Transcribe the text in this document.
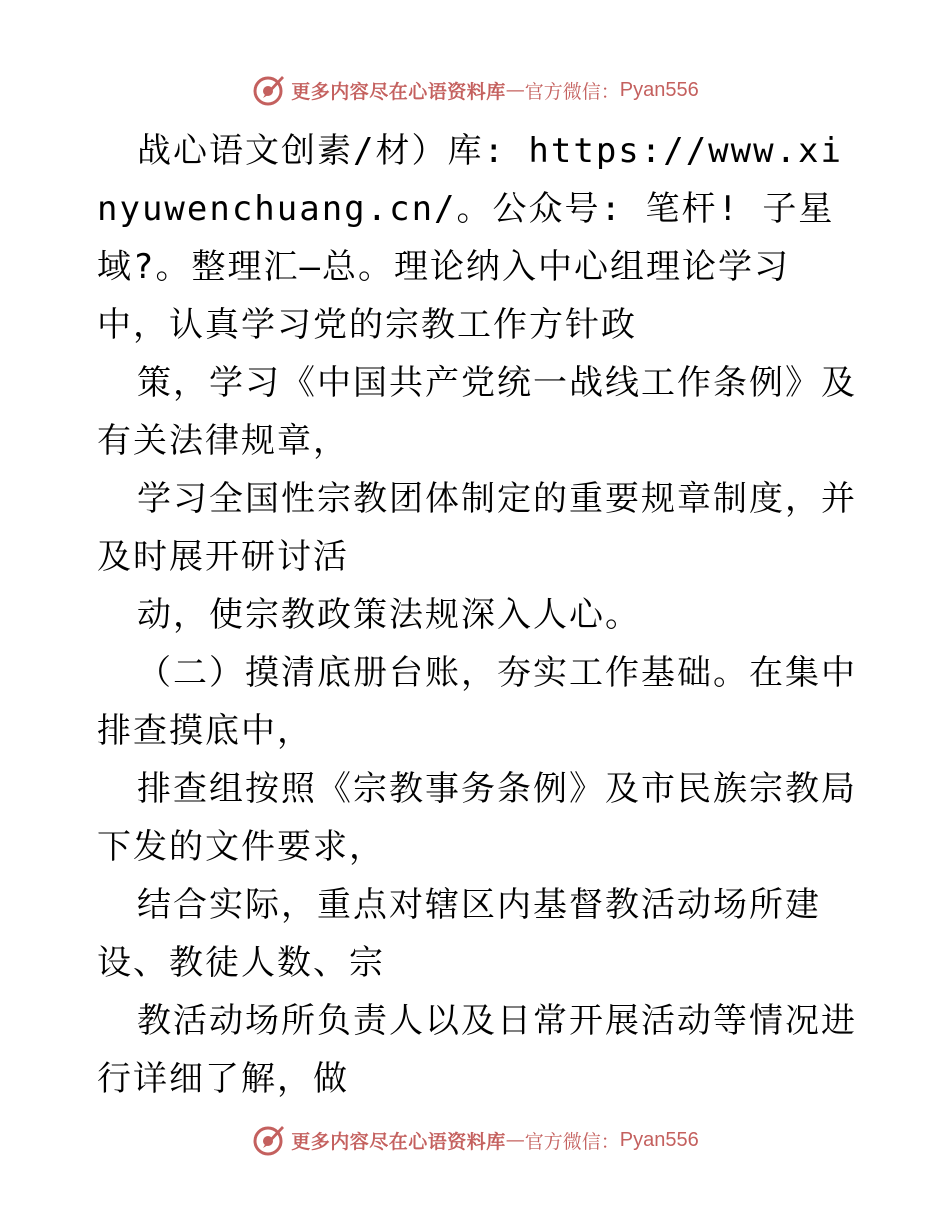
更多内容尽在心语资料库 — 官方微信： Pyan556

战心语文创素/材）库: https://www.xinyuwenchuang.cn/。公众号: 笔杆! 子星域?。整理汇—总。理论纳入中心组理论学习中，认真学习党的宗教工作方针政

策，学习《中国共产党统一战线工作条例》及有关法律规章，

学习全国性宗教团体制定的重要规章制度，并及时展开研讨活

动，使宗教政策法规深入人心。

（二）摸清底册台账，夯实工作基础。在集中排查摸底中，

排查组按照《宗教事务条例》及市民族宗教局下发的文件要求，

结合实际，重点对辖区内基督教活动场所建设、教徒人数、宗

教活动场所负责人以及日常开展活动等情况进行详细了解，做

更多内容尽在心语资料库 — 官方微信： Pyan556
